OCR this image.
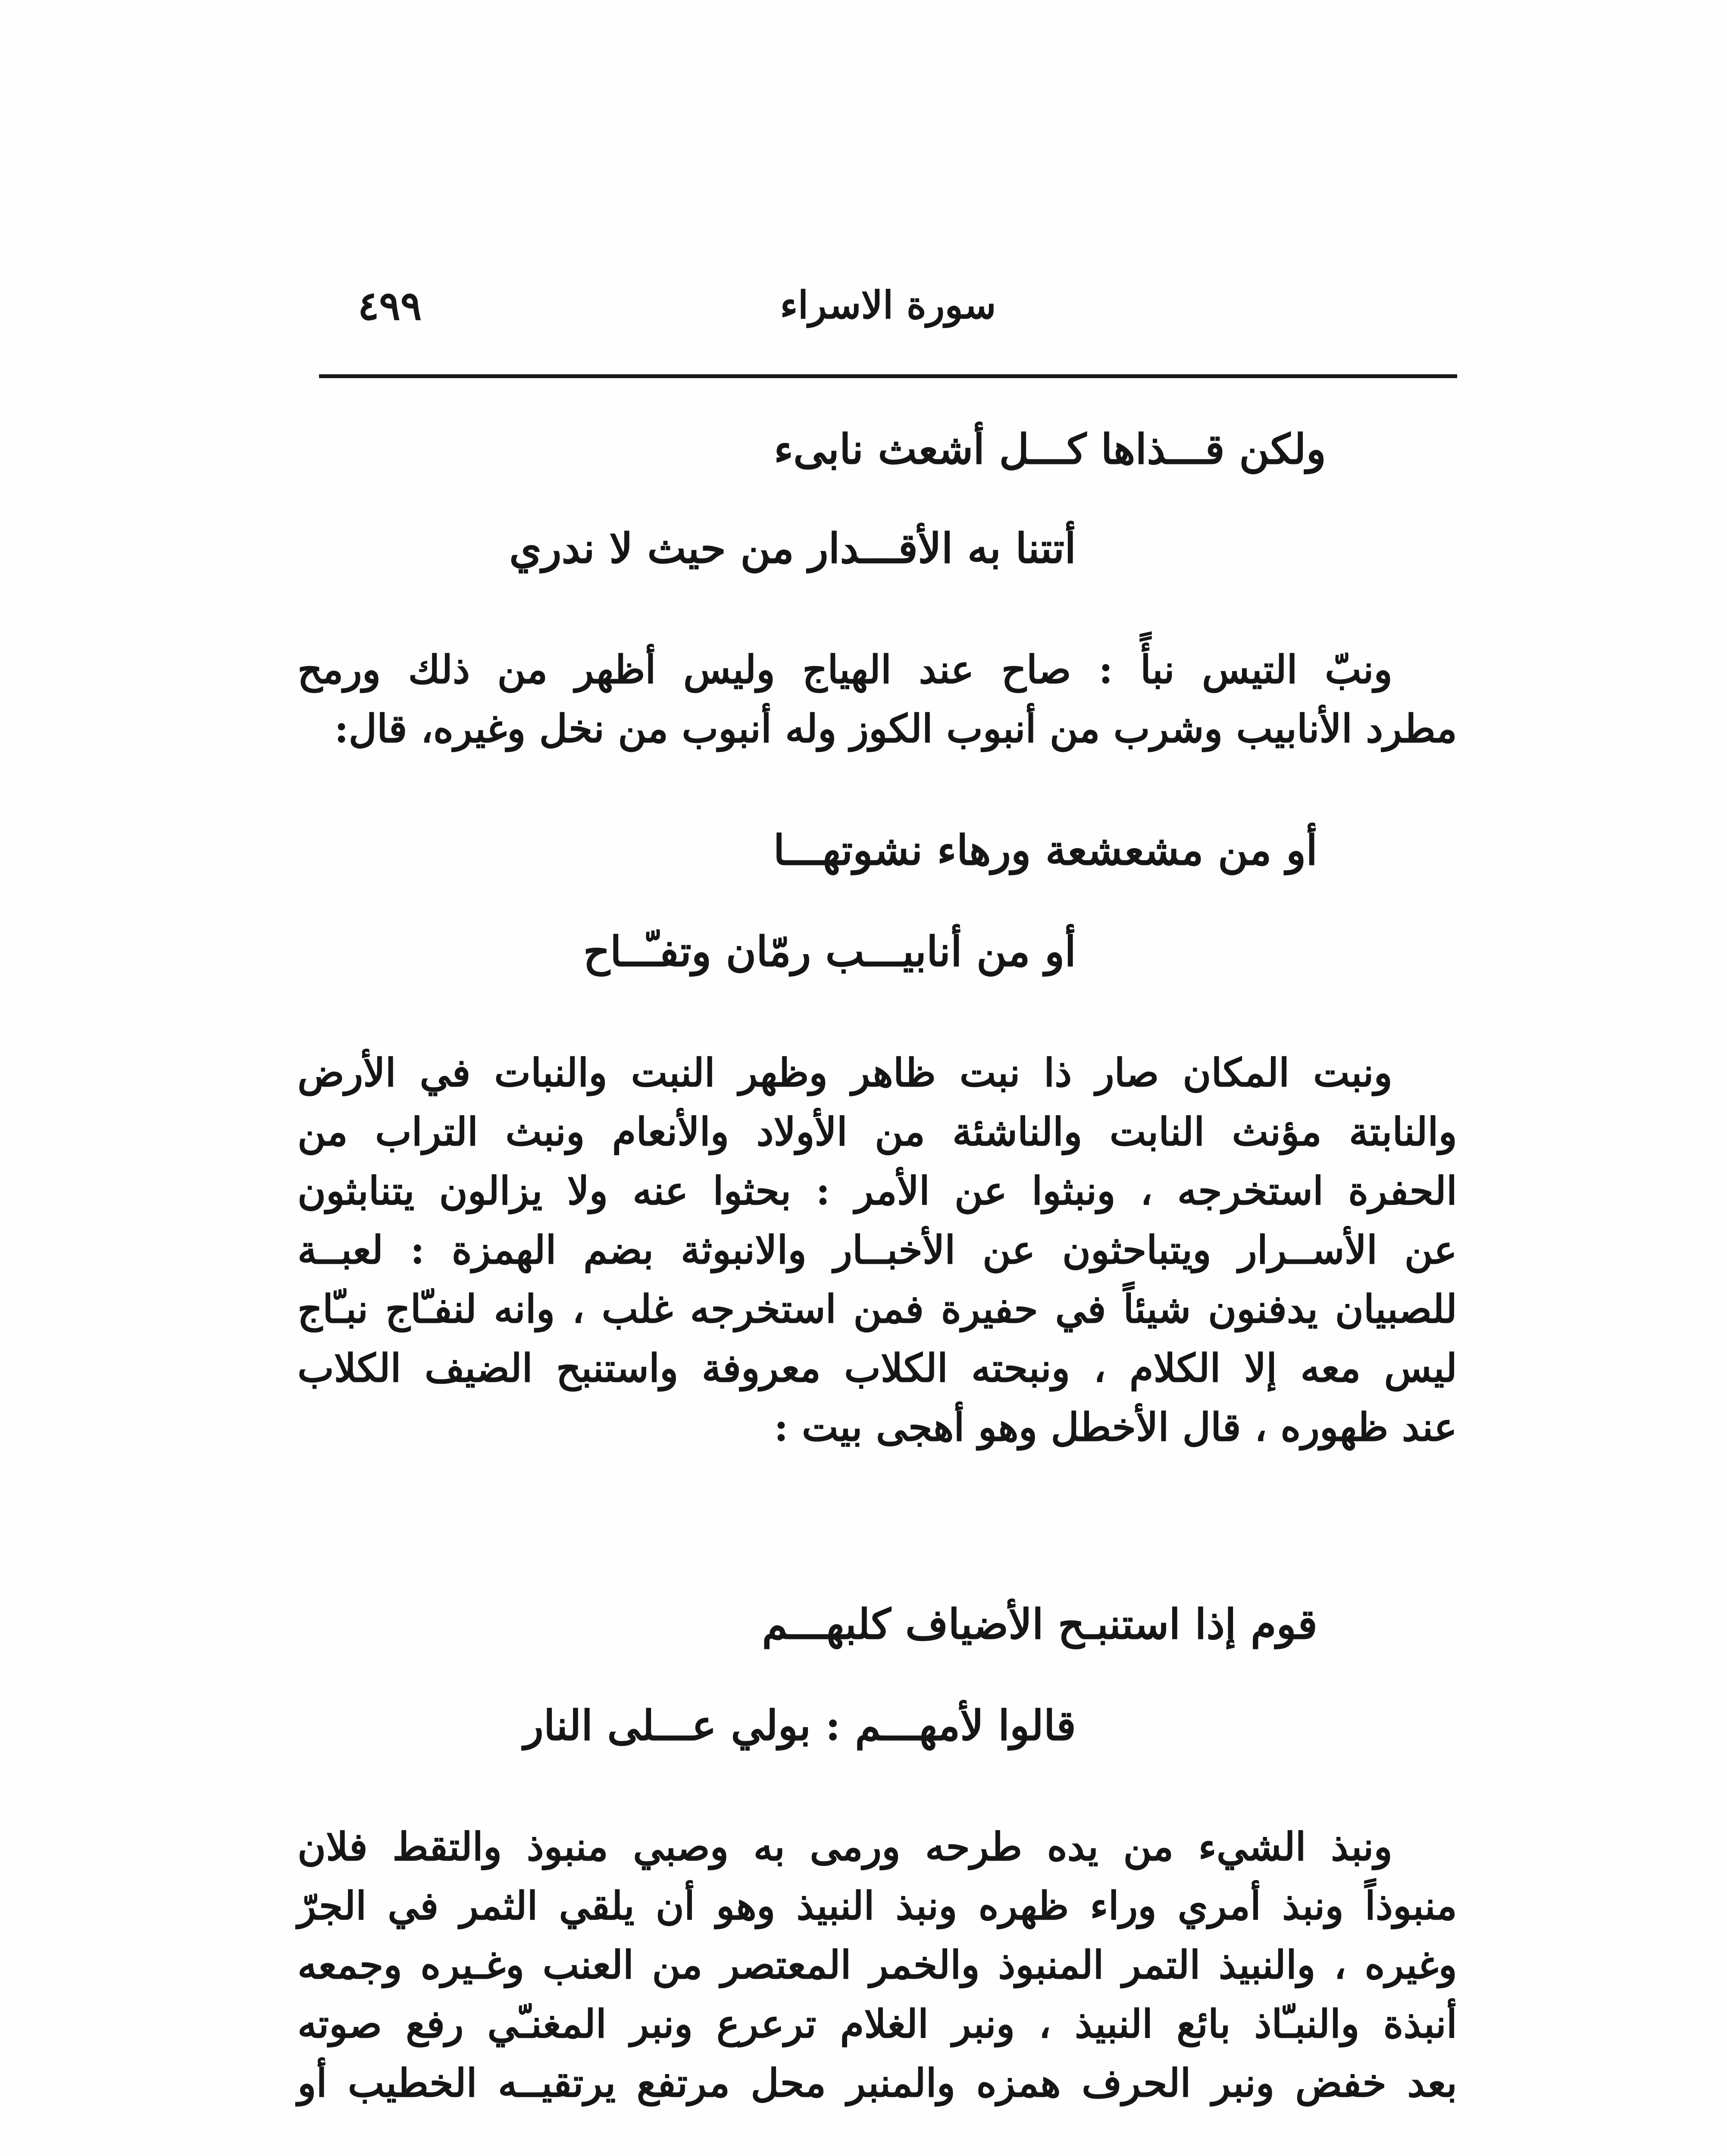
٤٩٩	سورة الاسراء
ولكن قـــذاها كـــل أشعث نابىء
أتتنا به الأقـــدار من حيث لا ندري
ونبّ التيس نبأً : صاح عند الهياج وليس أظهر من ذلك ورمح
مطرد الأنابيب وشرب من أنبوب الكوز وله أنبوب من نخل وغيره، قال:
أو من مشعشعة ورهاء نشوتهـــا
أو من أنابيـــب رمّان وتفـّــاح
ونبت المكان صار ذا نبت ظاهر وظهر النبت والنبات في الأرض
والنابتة مؤنث النابت والناشئة من الأولاد والأنعام ونبث التراب من
الحفرة استخرجه ، ونبثوا عن الأمر : بحثوا عنه ولا يزالون يتنابثون
عن الأســرار ويتباحثون عن الأخبــار والانبوثة بضم الهمزة : لعبــة
للصبيان يدفنون شيئاً في حفيرة فمن استخرجه غلب ، وانه لنفـّاج نبـّاج
ليس معه إلا الكلام ، ونبحته الكلاب معروفة واستنبح الضيف الكلاب
عند ظهوره ، قال الأخطل وهو أهجى بيت :
قوم إذا استنبـح الأضياف كلبهـــم
قالوا لأمهـــم : بولي عـــلى النار
ونبذ الشيء من يده طرحه ورمى به وصبي منبوذ والتقط فلان
منبوذاً ونبذ أمري وراء ظهره ونبذ النبيذ وهو أن يلقي الثمر في الجرّ
وغيره ، والنبيذ التمر المنبوذ والخمر المعتصر من العنب وغـيره وجمعه
أنبذة والنبـّاذ بائع النبيذ ، ونبر الغلام ترعرع ونبر المغنـّي رفع صوته
بعد خفض ونبر الحرف همزه والمنبر محل مرتفع يرتقيــه الخطيب أو
